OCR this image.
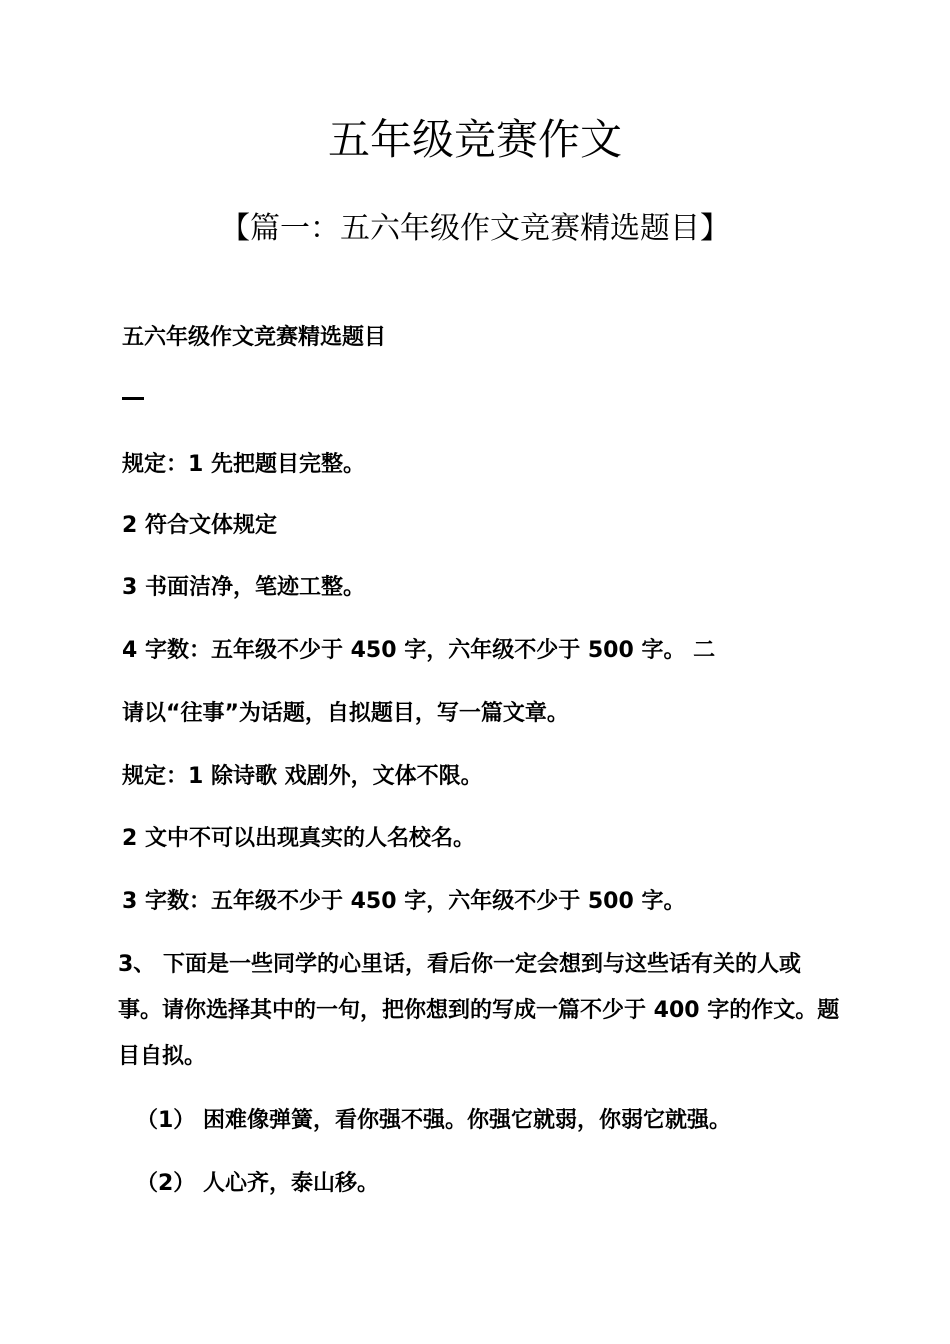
五年级竞赛作文
【篇一：五六年级作文竞赛精选题目】

五六年级作文竞赛精选题目

规定：1 先把题目完整。

2 符合文体规定

3 书面洁净，笔迹工整。

4 字数：五年级不少于 450 字，六年级不少于 500 字。 二

请以“往事”为话题，自拟题目，写一篇文章。

规定：1 除诗歌 戏剧外，文体不限。

2 文中不可以出现真实的人名校名。

3 字数：五年级不少于 450 字，六年级不少于 500 字。

3、 下面是一些同学的心里话，看后你一定会想到与这些话有关的人或事。请你选择其中的一句，把你想到的写成一篇不少于 400 字的作文。题目自拟。

（1） 困难像弹簧，看你强不强。你强它就弱，你弱它就强。

（2） 人心齐，泰山移。
